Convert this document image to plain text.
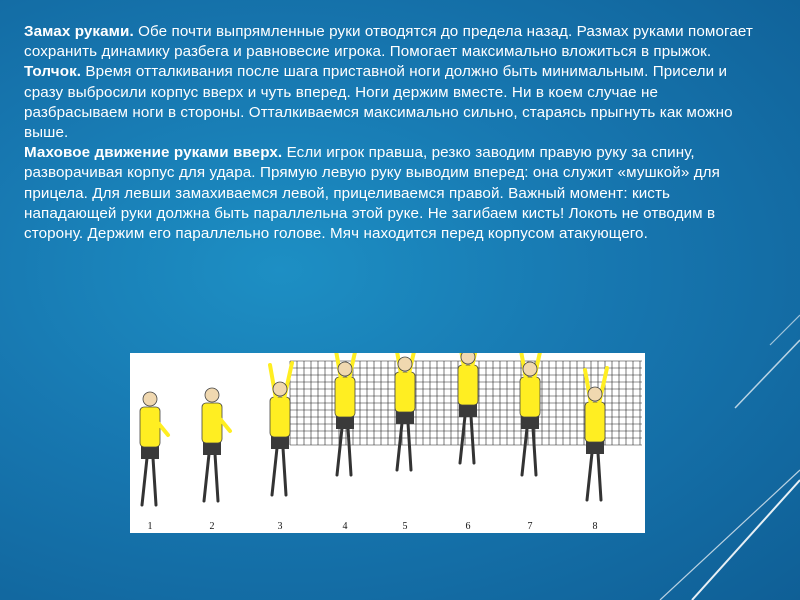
Замах руками. Обе почти выпрямленные руки отводятся до предела назад. Размах руками помогает сохранить динамику разбега и равновесие игрока. Помогает максимально вложиться в прыжок.
Толчок. Время отталкивания после шага приставной ноги должно быть минимальным. Присели и сразу выбросили корпус вверх и чуть вперед. Ноги держим вместе. Ни в коем случае не разбрасываем ноги в стороны. Отталкиваемся максимально сильно, стараясь прыгнуть как можно выше.
Маховое движение руками вверх. Если игрок правша, резко заводим правую руку за спину, разворачивая корпус для удара. Прямую левую руку выводим вперед: она служит «мушкой» для прицела. Для левши замахиваемся левой, прицеливаемся правой. Важный момент: кисть нападающей руки должна быть параллельна этой руке. Не загибаем кисть! Локоть не отводим в сторону. Держим его параллельно голове. Мяч находится перед корпусом атакующего.
1	2	3	4	5	6	7	8
